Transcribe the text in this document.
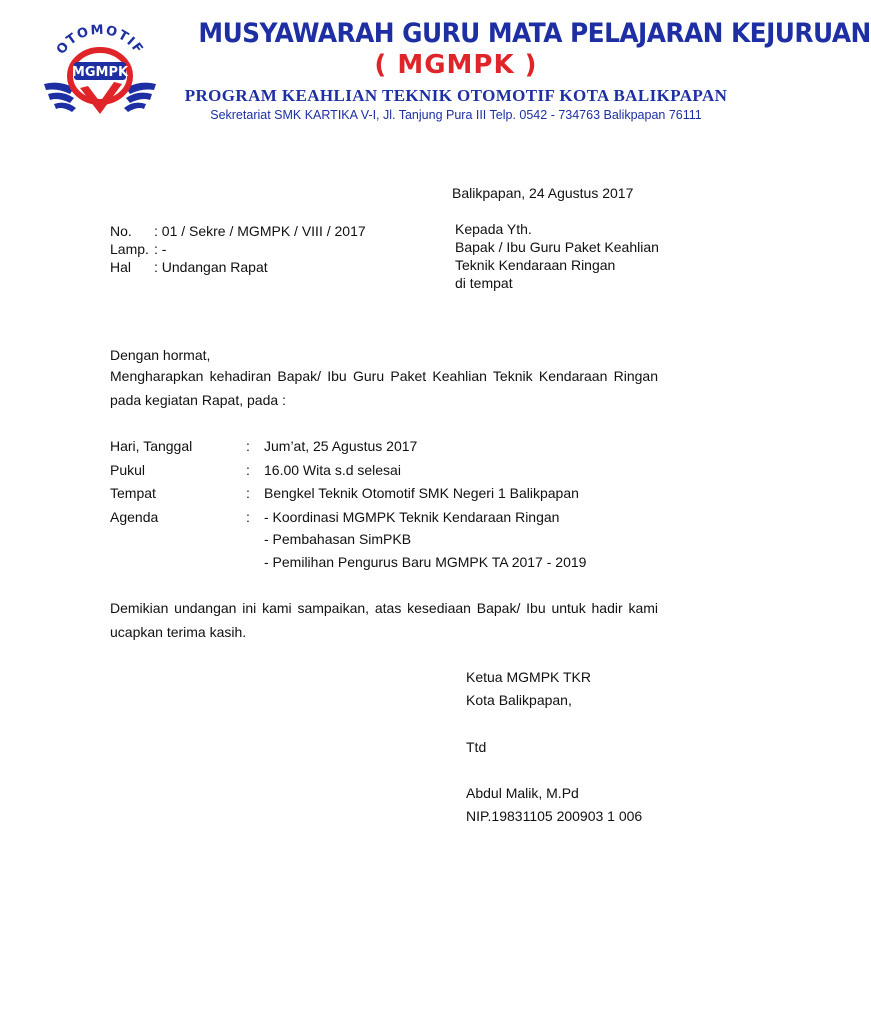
MGMPK
OTOMOTIF MUSYAWARAH GURU MATA PELAJARAN KEJURUAN
( MGMPK )
PROGRAM KEAHLIAN TEKNIK OTOMOTIF KOTA BALIKPAPAN
Sekretariat SMK KARTIKA V-I, Jl. Tanjung Pura III Telp. 0542 - 734763 Balikpapan 76111
Balikpapan, 24 Agustus 2017
No. : 01 / Sekre / MGMPK / VIII / 2017
Lamp. : -
Hal : Undangan Rapat
Kepada Yth.
Bapak / Ibu Guru Paket Keahlian
Teknik Kendaraan Ringan
di tempat
Dengan hormat,
Mengharapkan kehadiran Bapak/ Ibu Guru Paket Keahlian Teknik Kendaraan Ringan pada kegiatan Rapat, pada :
Hari, Tanggal	: Jum’at, 25 Agustus 2017
Pukul	: 16.00 Wita s.d selesai
Tempat	: Bengkel Teknik Otomotif SMK Negeri 1 Balikpapan
Agenda	: - Koordinasi MGMPK Teknik Kendaraan Ringan
- Pembahasan SimPKB
- Pemilihan Pengurus Baru MGMPK TA 2017 - 2019
Demikian undangan ini kami sampaikan, atas kesediaan Bapak/ Ibu untuk hadir kami ucapkan terima kasih.
Ketua MGMPK TKR
Kota Balikpapan,
Ttd
Abdul Malik, M.Pd
NIP.19831105 200903 1 006
